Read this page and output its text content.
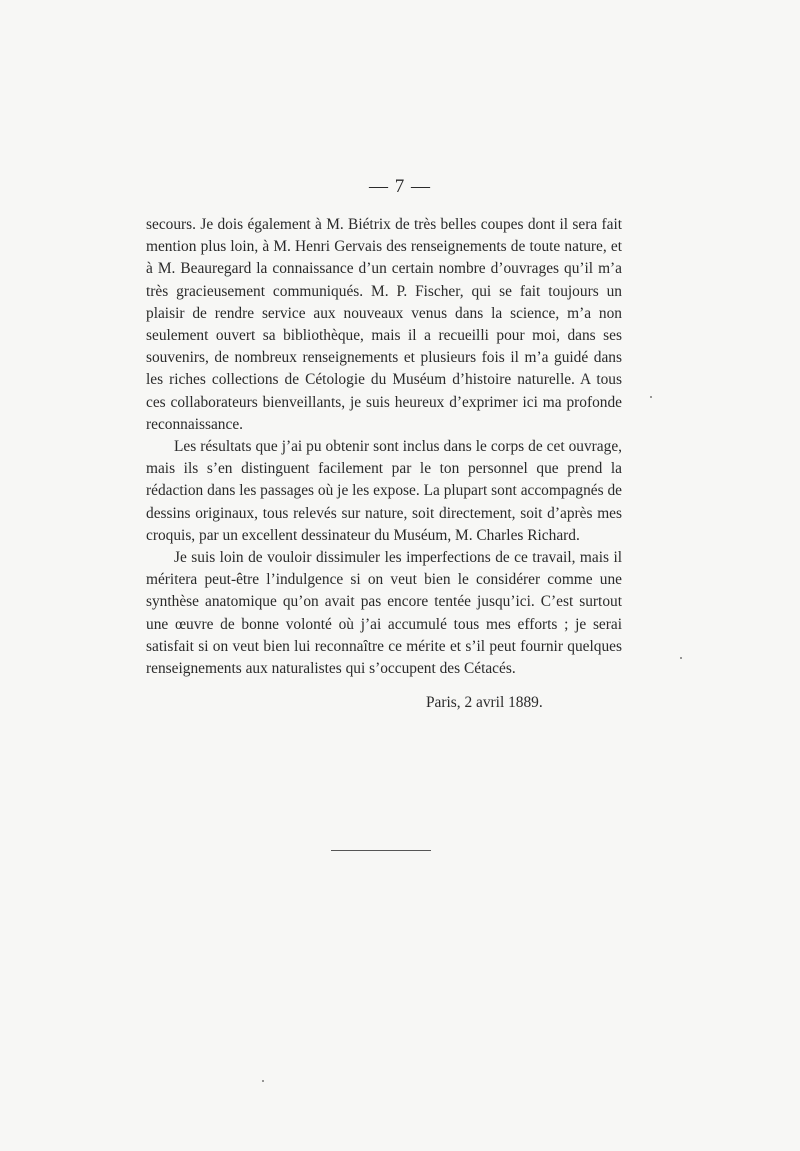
— 7 —

secours. Je dois également à M. Biétrix de très belles coupes dont il sera fait mention plus loin, à M. Henri Gervais des renseignements de toute nature, et à M. Beauregard la connaissance d’un certain nombre d’ouvrages qu’il m’a très gracieusement communiqués. M. P. Fischer, qui se fait toujours un plaisir de rendre service aux nouveaux venus dans la science, m’a non seulement ouvert sa bibliothèque, mais il a recueilli pour moi, dans ses souvenirs, de nombreux renseignements et plusieurs fois il m’a guidé dans les riches collections de Cétologie du Muséum d’histoire naturelle. A tous ces collaborateurs bienveillants, je suis heureux d’exprimer ici ma profonde reconnaissance.

Les résultats que j’ai pu obtenir sont inclus dans le corps de cet ouvrage, mais ils s’en distinguent facilement par le ton personnel que prend la rédaction dans les passages où je les expose. La plupart sont accompagnés de dessins originaux, tous relevés sur nature, soit directement, soit d’après mes croquis, par un excellent dessinateur du Muséum, M. Charles Richard.

Je suis loin de vouloir dissimuler les imperfections de ce travail, mais il méritera peut-être l’indulgence si on veut bien le considérer comme une synthèse anatomique qu’on avait pas encore tentée jusqu’ici. C’est surtout une œuvre de bonne volonté où j’ai accumulé tous mes efforts ; je serai satisfait si on veut bien lui reconnaître ce mérite et s’il peut fournir quelques renseignements aux naturalistes qui s’occupent des Cétacés.

Paris, 2 avril 1889.
